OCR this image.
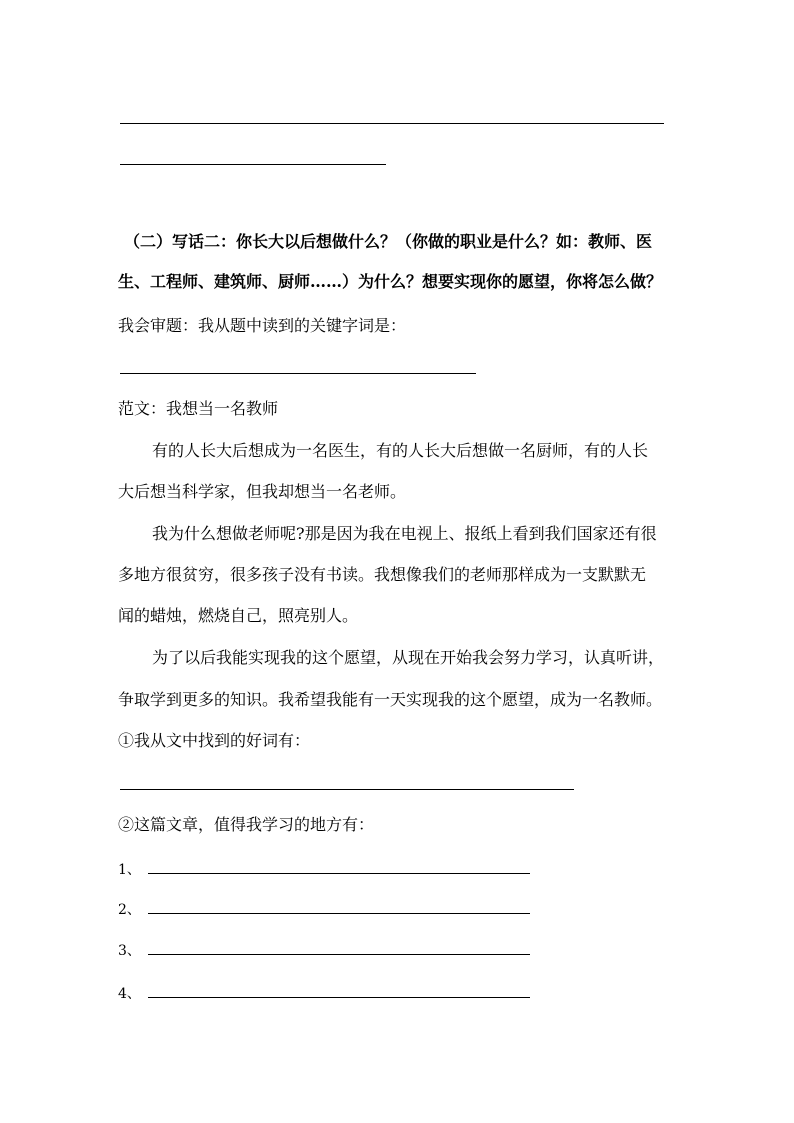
（二）写话二：你长大以后想做什么？（你做的职业是什么？如：教师、医
生、工程师、建筑师、厨师……）为什么？想要实现你的愿望，你将怎么做？
我会审题：我从题中读到的关键字词是：
范文：我想当一名教师
有的人长大后想成为一名医生，有的人长大后想做一名厨师，有的人长
大后想当科学家，但我却想当一名老师。
我为什么想做老师呢?那是因为我在电视上、报纸上看到我们国家还有很
多地方很贫穷，很多孩子没有书读。我想像我们的老师那样成为一支默默无
闻的蜡烛，燃烧自己，照亮别人。
为了以后我能实现我的这个愿望，从现在开始我会努力学习，认真听讲，
争取学到更多的知识。我希望我能有一天实现我的这个愿望，成为一名教师。
①我从文中找到的好词有：
②这篇文章，值得我学习的地方有：
1、
2、
3、
4、
